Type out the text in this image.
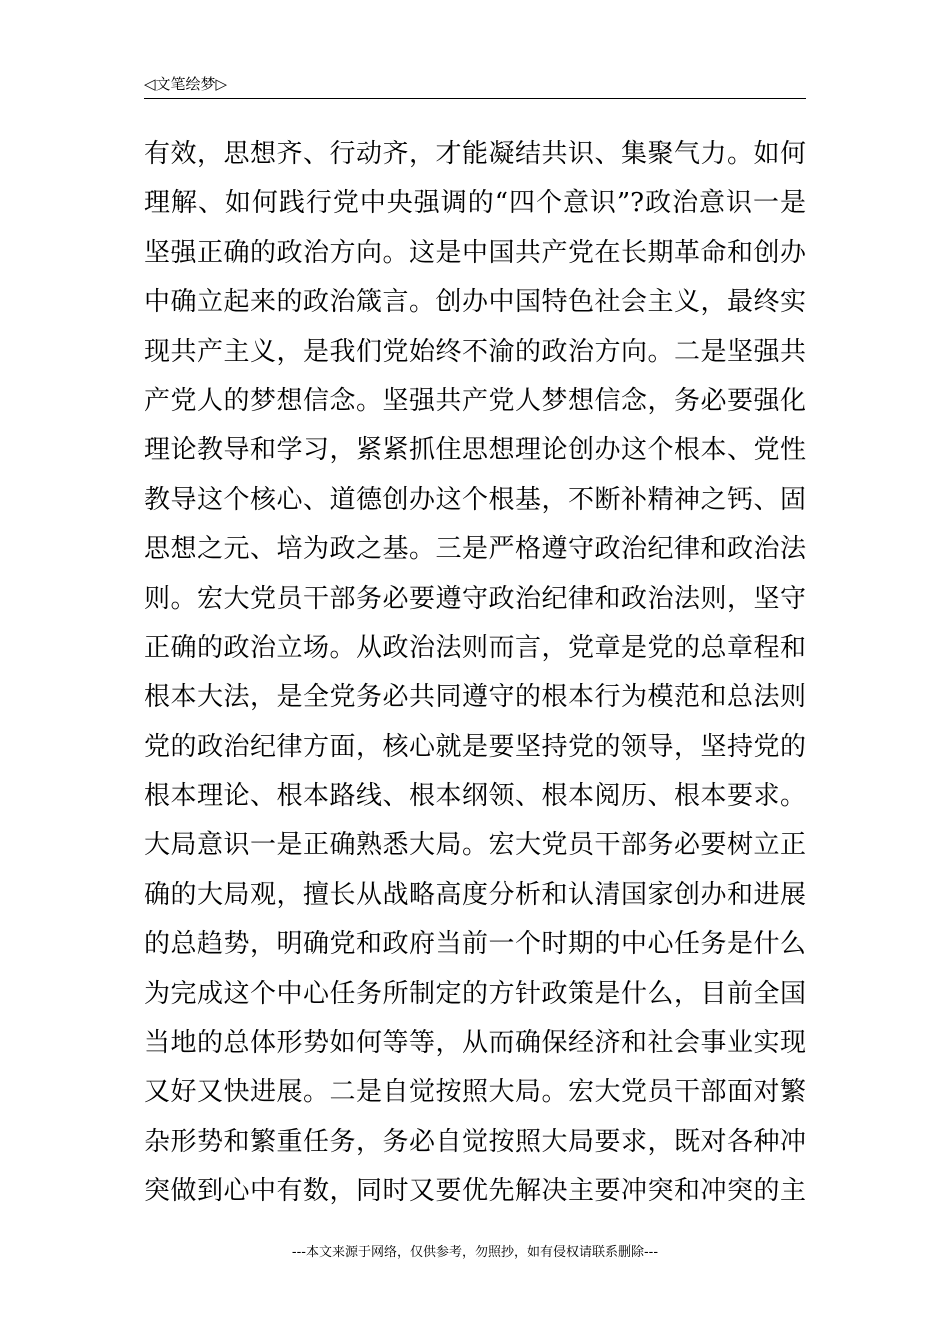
◁文笔绘梦▷
有效，思想齐、行动齐，才能凝结共识、集聚气力。如何
理解、如何践行党中央强调的“四个意识”?政治意识一是
坚强正确的政治方向。这是中国共产党在长期革命和创办
中确立起来的政治箴言。创办中国特色社会主义，最终实
现共产主义，是我们党始终不渝的政治方向。二是坚强共
产党人的梦想信念。坚强共产党人梦想信念，务必要强化
理论教导和学习，紧紧抓住思想理论创办这个根本、党性
教导这个核心、道德创办这个根基，不断补精神之钙、固
思想之元、培为政之基。三是严格遵守政治纪律和政治法
则。宏大党员干部务必要遵守政治纪律和政治法则，坚守
正确的政治立场。从政治法则而言，党章是党的总章程和
根本大法，是全党务必共同遵守的根本行为模范和总法则
党的政治纪律方面，核心就是要坚持党的领导，坚持党的
根本理论、根本路线、根本纲领、根本阅历、根本要求。
大局意识一是正确熟悉大局。宏大党员干部务必要树立正
确的大局观，擅长从战略高度分析和认清国家创办和进展
的总趋势，明确党和政府当前一个时期的中心任务是什么
为完成这个中心任务所制定的方针政策是什么，目前全国
当地的总体形势如何等等，从而确保经济和社会事业实现
又好又快进展。二是自觉按照大局。宏大党员干部面对繁
杂形势和繁重任务，务必自觉按照大局要求，既对各种冲
突做到心中有数，同时又要优先解决主要冲突和冲突的主
---本文来源于网络，仅供参考，勿照抄，如有侵权请联系删除---
